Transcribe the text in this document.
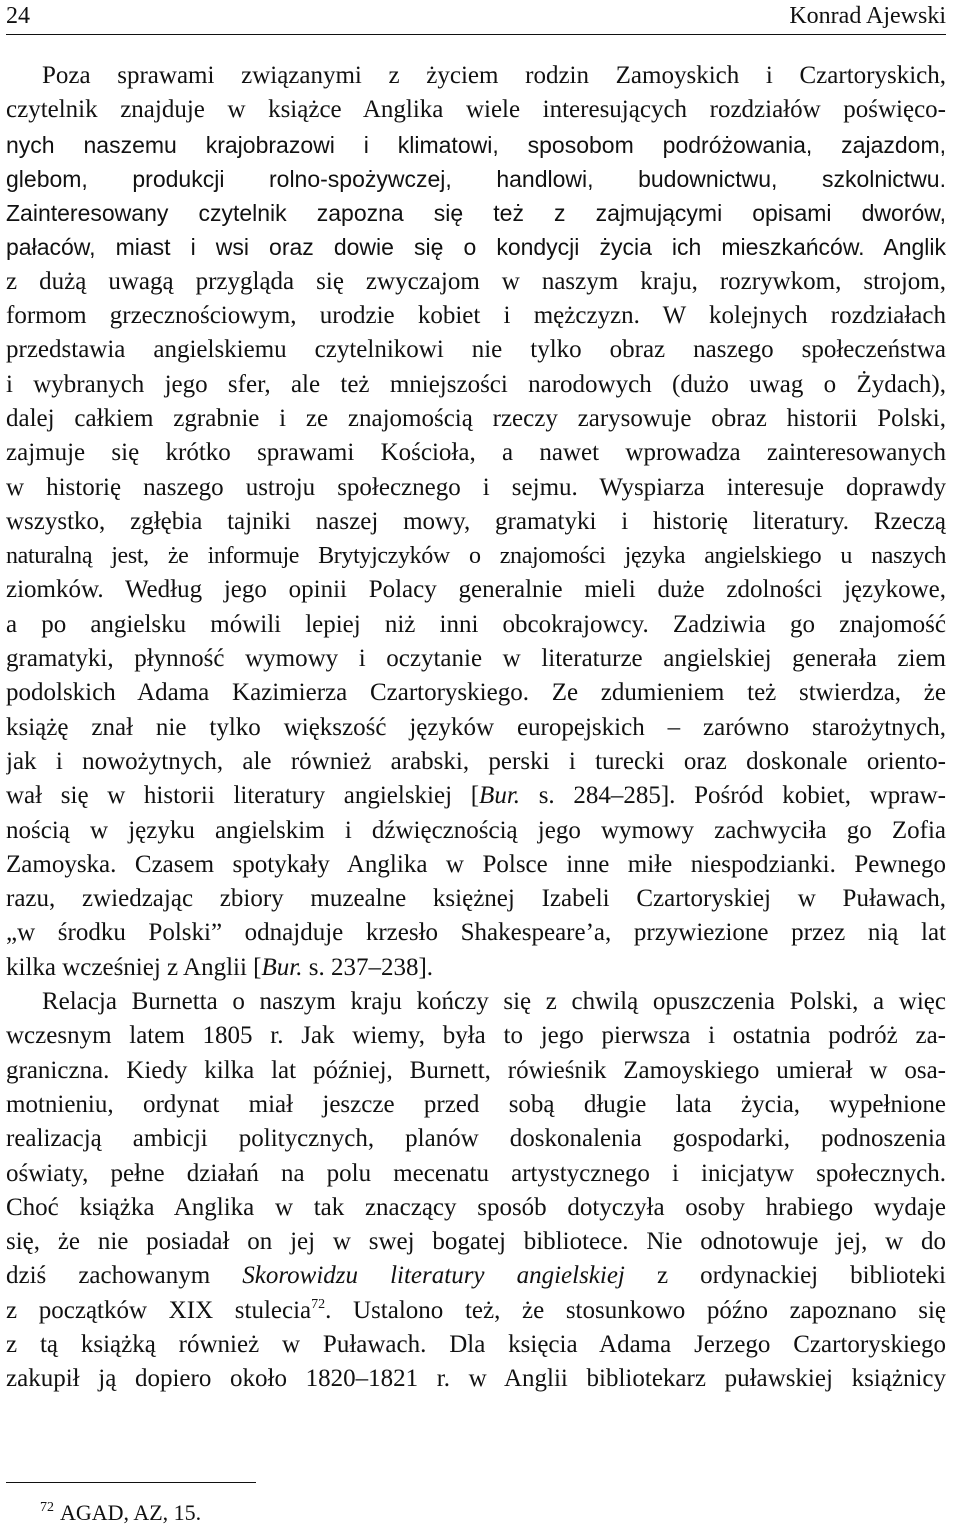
24	Konrad Ajewski
Poza sprawami związanymi z życiem rodzin Zamoyskich i Czartoryskich,
czytelnik znajduje w książce Anglika wiele interesujących rozdziałów poświęco-
nych naszemu krajobrazowi i klimatowi, sposobom podróżowania, zajazdom,
glebom, produkcji rolno-spożywczej, handlowi, budownictwu, szkolnictwu.
Zainteresowany czytelnik zapozna się też z zajmującymi opisami dworów,
pałaców, miast i wsi oraz dowie się o kondycji życia ich mieszkańców. Anglik
z dużą uwagą przygląda się zwyczajom w naszym kraju, rozrywkom, strojom,
formom grzecznościowym, urodzie kobiet i mężczyzn. W kolejnych rozdziałach
przedstawia angielskiemu czytelnikowi nie tylko obraz naszego społeczeństwa
i wybranych jego sfer, ale też mniejszości narodowych (dużo uwag o Żydach),
dalej całkiem zgrabnie i ze znajomością rzeczy zarysowuje obraz historii Polski,
zajmuje się krótko sprawami Kościoła, a nawet wprowadza zainteresowanych
w historię naszego ustroju społecznego i sejmu. Wyspiarza interesuje doprawdy
wszystko, zgłębia tajniki naszej mowy, gramatyki i historię literatury. Rzeczą
naturalną jest, że informuje Brytyjczyków o znajomości języka angielskiego u naszych
ziomków. Według jego opinii Polacy generalnie mieli duże zdolności językowe,
a po angielsku mówili lepiej niż inni obcokrajowcy. Zadziwia go znajomość
gramatyki, płynność wymowy i oczytanie w literaturze angielskiej generała ziem
podolskich Adama Kazimierza Czartoryskiego. Ze zdumieniem też stwierdza, że
książę znał nie tylko większość języków europejskich – zarówno starożytnych,
jak i nowożytnych, ale również arabski, perski i turecki oraz doskonale oriento-
wał się w historii literatury angielskiej [Bur. s. 284–285]. Pośród kobiet, wpraw-
nością w języku angielskim i dźwięcznością jego wymowy zachwyciła go Zofia
Zamoyska. Czasem spotykały Anglika w Polsce inne miłe niespodzianki. Pewnego
razu, zwiedzając zbiory muzealne księżnej Izabeli Czartoryskiej w Puławach,
„w środku Polski” odnajduje krzesło Shakespeare’a, przywiezione przez nią lat
kilka wcześniej z Anglii [Bur. s. 237–238].
Relacja Burnetta o naszym kraju kończy się z chwilą opuszczenia Polski, a więc
wczesnym latem 1805 r. Jak wiemy, była to jego pierwsza i ostatnia podróż za-
graniczna. Kiedy kilka lat później, Burnett, rówieśnik Zamoyskiego umierał w osa-
motnieniu, ordynat miał jeszcze przed sobą długie lata życia, wypełnione
realizacją ambicji politycznych, planów doskonalenia gospodarki, podnoszenia
oświaty, pełne działań na polu mecenatu artystycznego i inicjatyw społecznych.
Choć książka Anglika w tak znaczący sposób dotyczyła osoby hrabiego wydaje
się, że nie posiadał on jej w swej bogatej bibliotece. Nie odnotowuje jej, w do
dziś zachowanym Skorowidzu literatury angielskiej z ordynackiej biblioteki
z początków XIX stulecia$^{72}$. Ustalono też, że stosunkowo późno zapoznano się
z tą książką również w Puławach. Dla księcia Adama Jerzego Czartoryskiego
zakupił ją dopiero około 1820–1821 r. w Anglii bibliotekarz puławskiej książnicy
$^{72}$ AGAD, AZ, 15.
